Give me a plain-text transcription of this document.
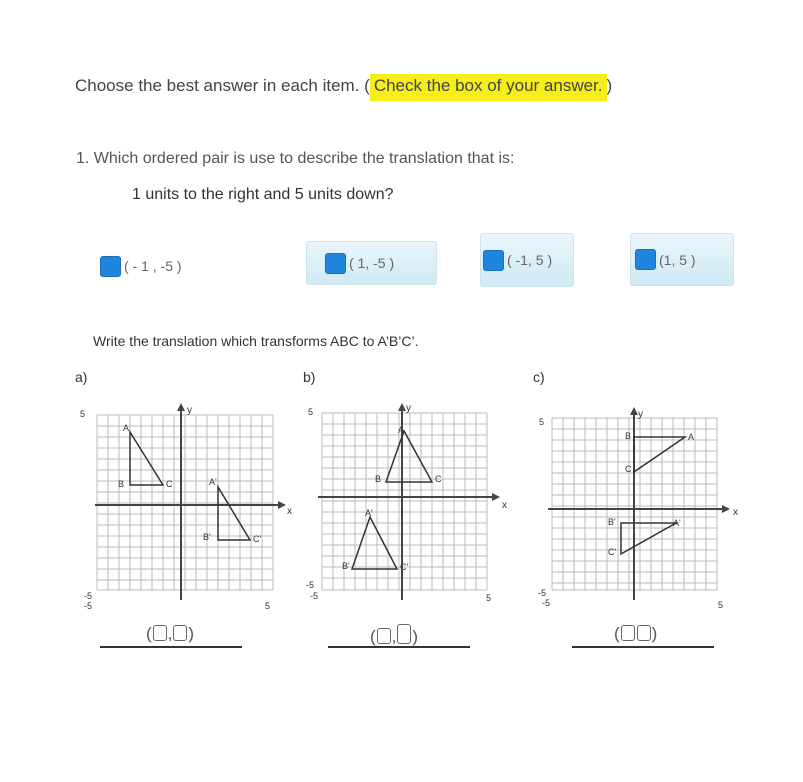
Choose the best answer in each item. ( Check the box of your answer. )
1. Which ordered pair is use to describe the translation that is:
1 units to the right and 5 units down?
( - 1 , -5 )	( 1, -5 )	( -1, 5 )	(1, 5 )
Write the translation which transforms ABC to A’B’C’.
a)	b)	c)
x
y
5
-5
-5	5
A
B	C	A'
B'	C'
x
y
5
-5
-5	5
A
B	C
A'
B'	C'
x
y
5
-5
-5	5
A
B
C
A'
B'
C'
( , )	( , )	( )
